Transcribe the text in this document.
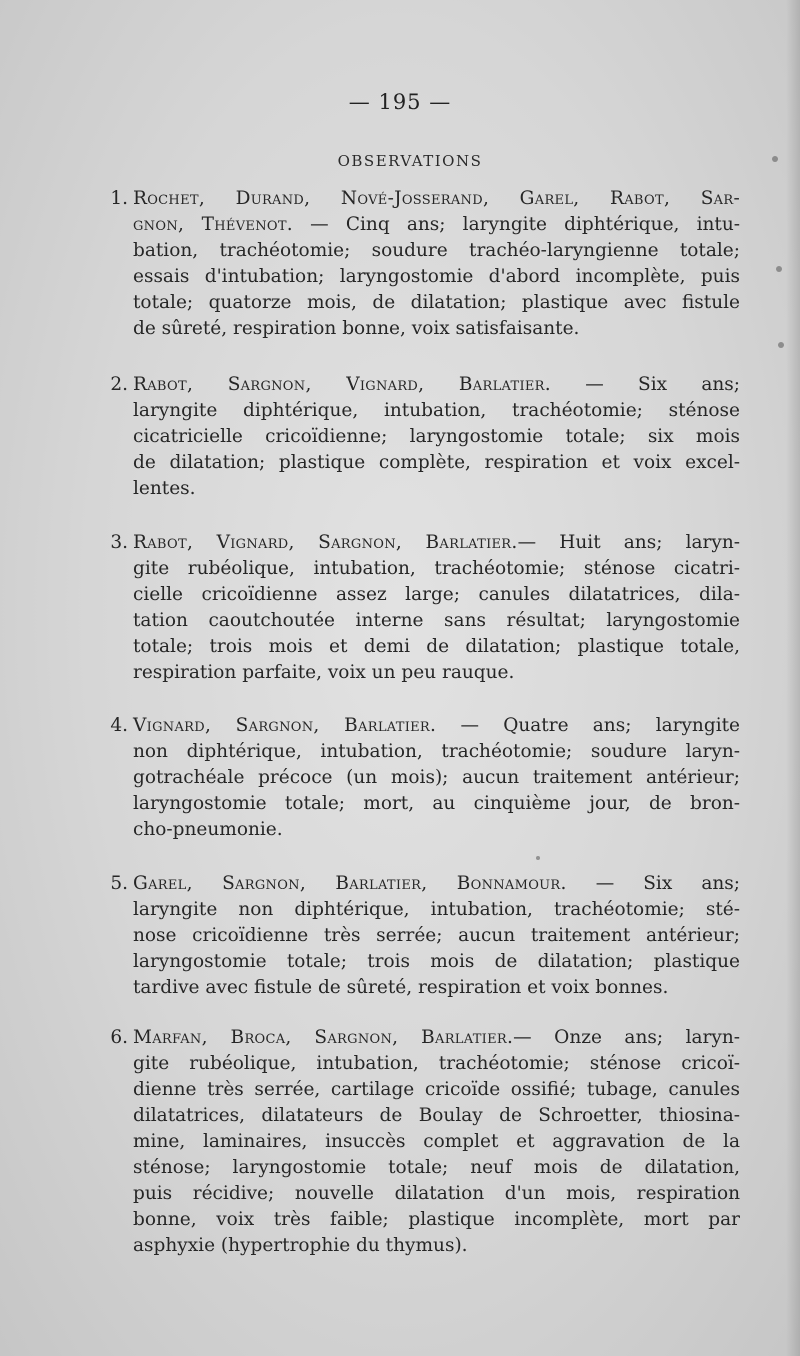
— 195 —
OBSERVATIONS
1. Rochet, Durand, Nové-Josserand, Garel, Rabot, Sar-
gnon, Thévenot. — Cinq ans; laryngite diphtérique, intu-
bation, trachéotomie; soudure trachéo-laryngienne totale;
essais d'intubation; laryngostomie d'abord incomplète, puis
totale; quatorze mois, de dilatation; plastique avec fistule
de sûreté, respiration bonne, voix satisfaisante.
2. Rabot, Sargnon, Vignard, Barlatier. — Six ans;
laryngite diphtérique, intubation, trachéotomie; sténose
cicatricielle cricoïdienne; laryngostomie totale; six mois
de dilatation; plastique complète, respiration et voix excel-
lentes.
3. Rabot, Vignard, Sargnon, Barlatier.— Huit ans; laryn-
gite rubéolique, intubation, trachéotomie; sténose cicatri-
cielle cricoïdienne assez large; canules dilatatrices, dila-
tation caoutchoutée interne sans résultat; laryngostomie
totale; trois mois et demi de dilatation; plastique totale,
respiration parfaite, voix un peu rauque.
4. Vignard, Sargnon, Barlatier. — Quatre ans; laryngite
non diphtérique, intubation, trachéotomie; soudure laryn-
gotrachéale précoce (un mois); aucun traitement antérieur;
laryngostomie totale; mort, au cinquième jour, de bron-
cho-pneumonie.
5. Garel, Sargnon, Barlatier, Bonnamour. — Six ans;
laryngite non diphtérique, intubation, trachéotomie; sté-
nose cricoïdienne très serrée; aucun traitement antérieur;
laryngostomie totale; trois mois de dilatation; plastique
tardive avec fistule de sûreté, respiration et voix bonnes.
6. Marfan, Broca, Sargnon, Barlatier.— Onze ans; laryn-
gite rubéolique, intubation, trachéotomie; sténose cricoï-
dienne très serrée, cartilage cricoïde ossifié; tubage, canules
dilatatrices, dilatateurs de Boulay de Schroetter, thiosina-
mine, laminaires, insuccès complet et aggravation de la
sténose; laryngostomie totale; neuf mois de dilatation,
puis récidive; nouvelle dilatation d'un mois, respiration
bonne, voix très faible; plastique incomplète, mort par
asphyxie (hypertrophie du thymus).
